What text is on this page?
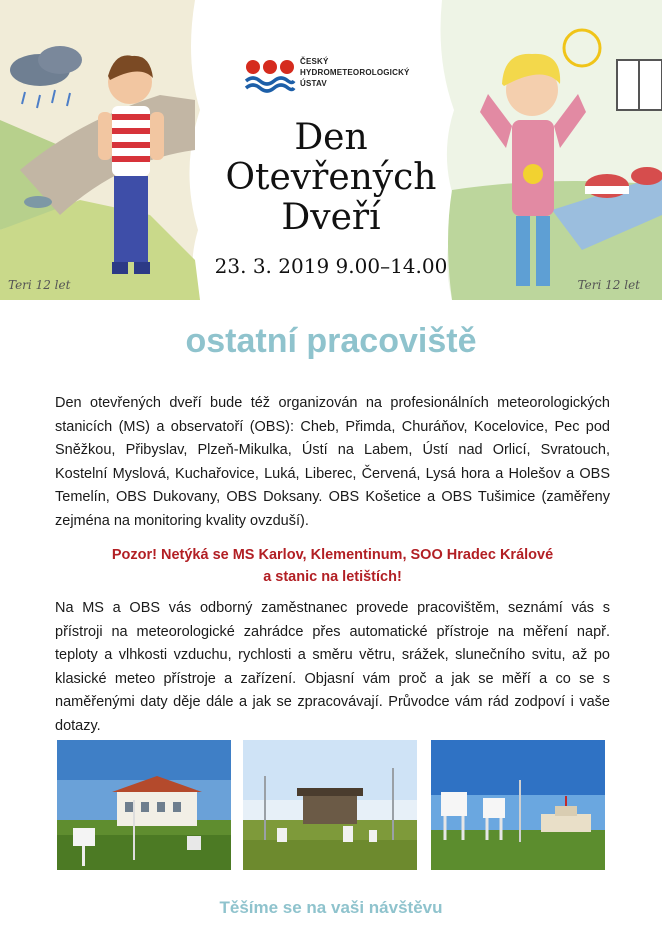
Teri 12 let	Teri 12 let
ČESKÝ
HYDROMETEOROLOGICKÝ
ÚSTAV
Den
Otevřených
Dveří
23. 3. 2019 9.00–14.00
ostatní pracoviště

Den otevřených dveří bude též organizován na profesionálních meteorologických stanicích (MS) a observatoří (OBS): Cheb, Přimda, Churáňov, Kocelovice, Pec pod Sněžkou, Přibyslav, Plzeň-Mikulka, Ústí na Labem, Ústí nad Orlicí, Svratouch, Kostelní Myslová, Kuchařovice, Luká, Liberec, Červená, Lysá hora a Holešov a OBS Temelín, OBS Dukovany, OBS Doksany. OBS Košetice a OBS Tušimice (zaměřeny zejména na monitoring kvality ovzduší).

Pozor! Netýká se MS Karlov, Klementinum, SOO Hradec Králové
a stanic na letištích!

Na MS a OBS vás odborný zaměstnanec provede pracovištěm, seznámí vás s přístroji na meteorologické zahrádce přes automatické přístroje na měření např. teploty a vlhkosti vzduchu, rychlosti a směru větru, srážek, slunečního svitu, až po klasické meteo přístroje a zařízení. Objasní vám proč a jak se měří a co se s naměřenými daty děje dále a jak se zpracovávají. Průvodce vám rád zodpoví i vaše dotazy.

Těšíme se na vaši návštěvu
